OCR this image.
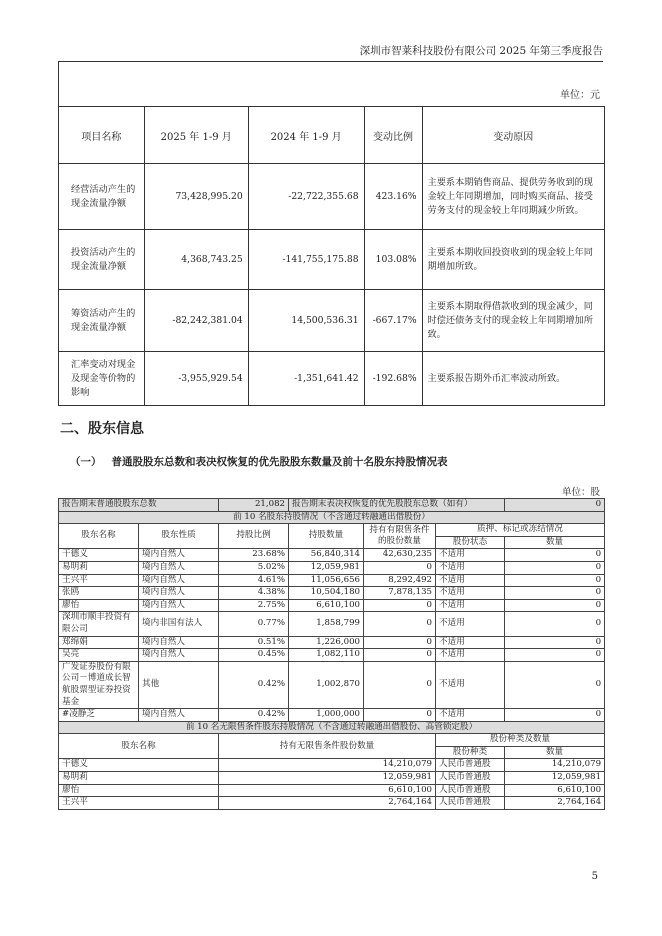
深圳市智莱科技股份有限公司 2025 年第三季度报告
单位：元
项目名称	2025 年 1-9 月	2024 年 1-9 月	变动比例	变动原因
经营活动产生的现金流量净额	73,428,995.20	-22,722,355.68	423.16%	主要系本期销售商品、提供劳务收到的现金较上年同期增加，同时购买商品、接受劳务支付的现金较上年同期减少所致。
投资活动产生的现金流量净额	4,368,743.25	-141,755,175.88	103.08%	主要系本期收回投资收到的现金较上年同期增加所致。
筹资活动产生的现金流量净额	-82,242,381.04	14,500,536.31	-667.17%	主要系本期取得借款收到的现金减少，同时偿还债务支付的现金较上年同期增加所致。
汇率变动对现金及现金等价物的影响	-3,955,929.54	-1,351,641.42	-192.68%	主要系报告期外币汇率波动所致。
二、股东信息
（一） 普通股股东总数和表决权恢复的优先股股东数量及前十名股东持股情况表
单位：股
报告期末普通股股东总数		21,082	报告期末表决权恢复的优先股股东总数（如有）			0
前 10 名股东持股情况（不含通过转融通出借股份）						
股东名称	股东性质	持股比例	持股数量	持有有限售条件的股份数量	质押、标记或冻结情况	
					股份状态	数量
干德义	境内自然人	23.68%	56,840,314	42,630,235	不适用	0
易明莉	境内自然人	5.02%	12,059,981	0	不适用	0
王兴平	境内自然人	4.61%	11,056,656	8,292,492	不适用	0
张鸥	境内自然人	4.38%	10,504,180	7,878,135	不适用	0
廖怡	境内自然人	2.75%	6,610,100	0	不适用	0
深圳市顺丰投资有限公司	境内非国有法人	0.77%	1,858,799	0	不适用	0
郑绵娟	境内自然人	0.51%	1,226,000	0	不适用	0
吴亮	境内自然人	0.45%	1,082,110	0	不适用	0
广发证券股份有限公司－博道成长智航股票型证券投资基金	其他	0.42%	1,002,870	0	不适用	0
#凌静芝	境内自然人	0.42%	1,000,000	0	不适用	0
前 10 名无限售条件股东持股情况（不含通过转融通出借股份、高管锁定股）						
股东名称		持有无限售条件股份数量			股份种类及数量	
					股份种类	数量
干德义		14,210,079			人民币普通股	14,210,079
易明莉		12,059,981			人民币普通股	12,059,981
廖怡		6,610,100			人民币普通股	6,610,100
王兴平		2,764,164			人民币普通股	2,764,164
5
